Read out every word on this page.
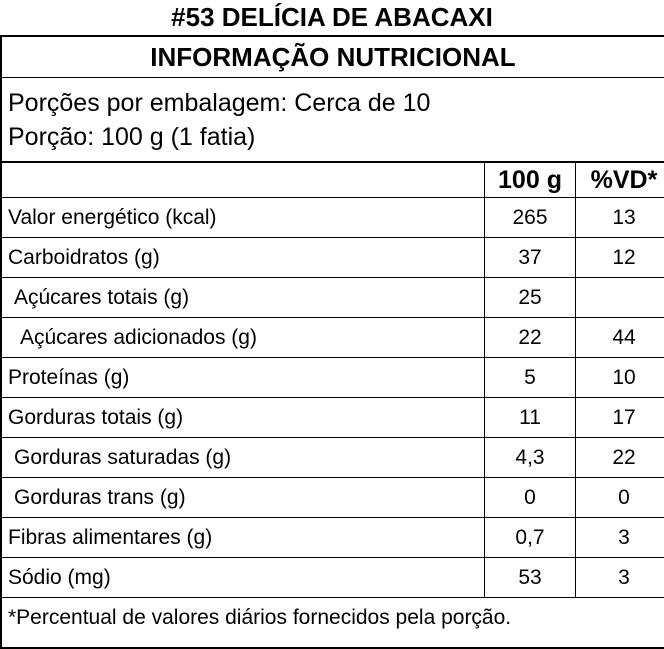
#53 DELÍCIA DE ABACAXI
INFORMAÇÃO NUTRICIONAL
Porções por embalagem: Cerca de 10
Porção: 100 g (1 fatia)
	100 g	%VD*
Valor energético (kcal)	265	13
Carboidratos (g)	37	12
Açúcares totais (g)	25	
Açúcares adicionados (g)	22	44
Proteínas (g)	5	10
Gorduras totais (g)	11	17
Gorduras saturadas (g)	4,3	22
Gorduras trans (g)	0	0
Fibras alimentares (g)	0,7	3
Sódio (mg)	53	3
*Percentual de valores diários fornecidos pela porção.
